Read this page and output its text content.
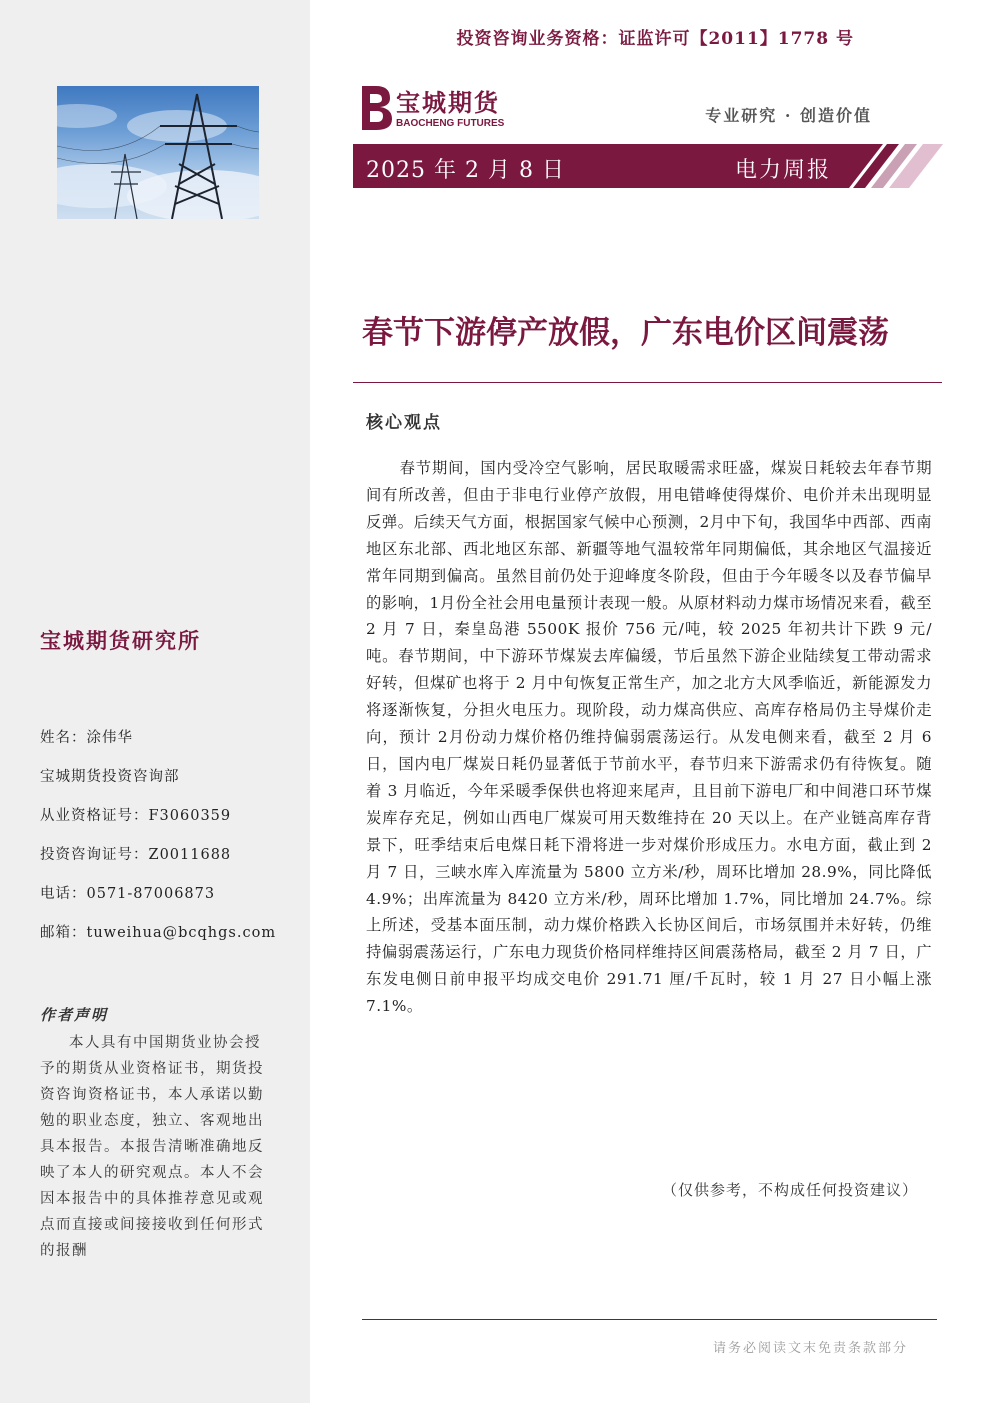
宝城期货研究所
姓名：涂伟华
宝城期货投资咨询部
从业资格证号：F3060359
投资咨询证号：Z0011688
电话：0571-87006873
邮箱：tuweihua@bcqhgs.com
作者声明
本人具有中国期货业协会授予的期货从业资格证书，期货投资咨询资格证书，本人承诺以勤勉的职业态度，独立、客观地出具本报告。本报告清晰准确地反映了本人的研究观点。本人不会因本报告中的具体推荐意见或观点而直接或间接接收到任何形式的报酬
投资咨询业务资格：证监许可【2011】1778 号
宝城期货
BAOCHENG FUTURES	专业研究 · 创造价值
2025 年 2 月 8 日	电力周报
春节下游停产放假，广东电价区间震荡
核心观点
春节期间，国内受冷空气影响，居民取暖需求旺盛，煤炭日耗较去年春节期间有所改善，但由于非电行业停产放假，用电错峰使得煤价、电价并未出现明显反弹。后续天气方面，根据国家气候中心预测，2月中下旬，我国华中西部、西南地区东北部、西北地区东部、新疆等地气温较常年同期偏低，其余地区气温接近常年同期到偏高。虽然目前仍处于迎峰度冬阶段，但由于今年暖冬以及春节偏早的影响，1月份全社会用电量预计表现一般。从原材料动力煤市场情况来看，截至 2 月 7 日，秦皇岛港 5500K 报价 756 元/吨，较 2025 年初共计下跌 9 元/吨。春节期间，中下游环节煤炭去库偏缓，节后虽然下游企业陆续复工带动需求好转，但煤矿也将于 2 月中旬恢复正常生产，加之北方大风季临近，新能源发力将逐渐恢复，分担火电压力。现阶段，动力煤高供应、高库存格局仍主导煤价走向，预计 2月份动力煤价格仍维持偏弱震荡运行。从发电侧来看，截至 2 月 6 日，国内电厂煤炭日耗仍显著低于节前水平，春节归来下游需求仍有待恢复。随着 3 月临近，今年采暖季保供也将迎来尾声，且目前下游电厂和中间港口环节煤炭库存充足，例如山西电厂煤炭可用天数维持在 20 天以上。在产业链高库存背景下，旺季结束后电煤日耗下滑将进一步对煤价形成压力。水电方面，截止到 2 月 7 日，三峡水库入库流量为 5800 立方米/秒，周环比增加 28.9%，同比降低 4.9%；出库流量为 8420 立方米/秒，周环比增加 1.7%，同比增加 24.7%。综上所述，受基本面压制，动力煤价格跌入长协区间后，市场氛围并未好转，仍维持偏弱震荡运行，广东电力现货价格同样维持区间震荡格局，截至 2 月 7 日，广东发电侧日前申报平均成交电价 291.71 厘/千瓦时，较 1 月 27 日小幅上涨 7.1%。
（仅供参考，不构成任何投资建议）
请务必阅读文末免责条款部分
